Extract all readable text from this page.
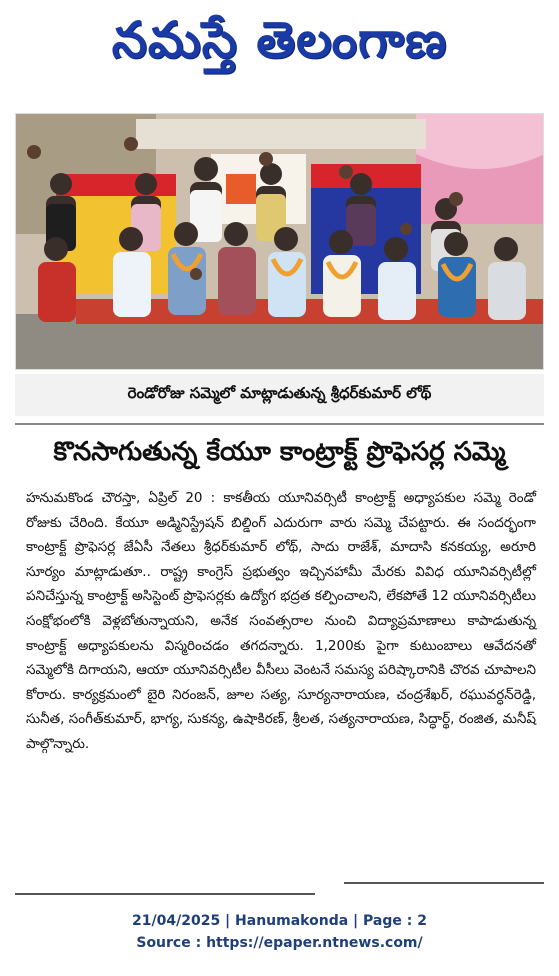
నమస్తే తెలంగాణ
రెండోరోజు సమ్మెలో మాట్లాడుతున్న శ్రీధర్‌కుమార్ లోథ్
కొనసాగుతున్న కేయూ కాంట్రాక్ట్ ప్రొఫెసర్ల సమ్మె
హనుమకొండ చౌరస్తా, ఏప్రిల్ 20 : కాకతీయ యూనివర్సిటీ కాంట్రాక్ట్ అధ్యాపకుల సమ్మె రెండో రోజుకు చేరింది. కేయూ అడ్మినిస్ట్రేషన్ బిల్డింగ్ ఎదురుగా వారు సమ్మె చేపట్టారు. ఈ సందర్భంగా కాంట్రాక్ట్ ప్రొఫెసర్ల జేఏసీ నేతలు శ్రీధర్‌కుమార్ లోథ్, సాదు రాజేశ్, మాదాసి కనకయ్య, అరూరి సూర్యం మాట్లాడుతూ.. రాష్ట్ర కాంగ్రెస్ ప్రభుత్వం ఇచ్చినహామీ మేరకు వివిధ యూనివర్సిటీల్లో పనిచేస్తున్న కాంట్రాక్ట్ అసిస్టెంట్ ప్రొఫెసర్లకు ఉద్యోగ భద్రత కల్పించాలని, లేకపోతే 12 యూనివర్సిటీలు సంక్షోభంలోకి వెళ్లబోతున్నాయని, అనేక సంవత్సరాల నుంచి విద్యాప్రమాణాలు కాపాడుతున్న కాంట్రాక్ట్ అధ్యాపకులను విస్మరించడం తగదన్నారు. 1,200కు పైగా కుటుంబాలు ఆవేదనతో సమ్మెలోకి దిగాయని, ఆయా యూనివర్సిటీల వీసీలు వెంటనే సమస్య పరిష్కారానికి చొరవ చూపాలని కోరారు. కార్యక్రమంలో బైరి నిరంజన్, జూల సత్య, సూర్యనారాయణ, చంద్రశేఖర్, రఘువర్ధన్‌రెడ్డి, సునీత, సంగీత్‌కుమార్, భాగ్య, సుకన్య, ఉషాకిరణ్, శ్రీలత, సత్యనారాయణ, సిద్ధార్థ్, రంజిత, మనీష్ పాల్గొన్నారు.
21/04/2025 | Hanumakonda | Page : 2
Source : https://epaper.ntnews.com/
